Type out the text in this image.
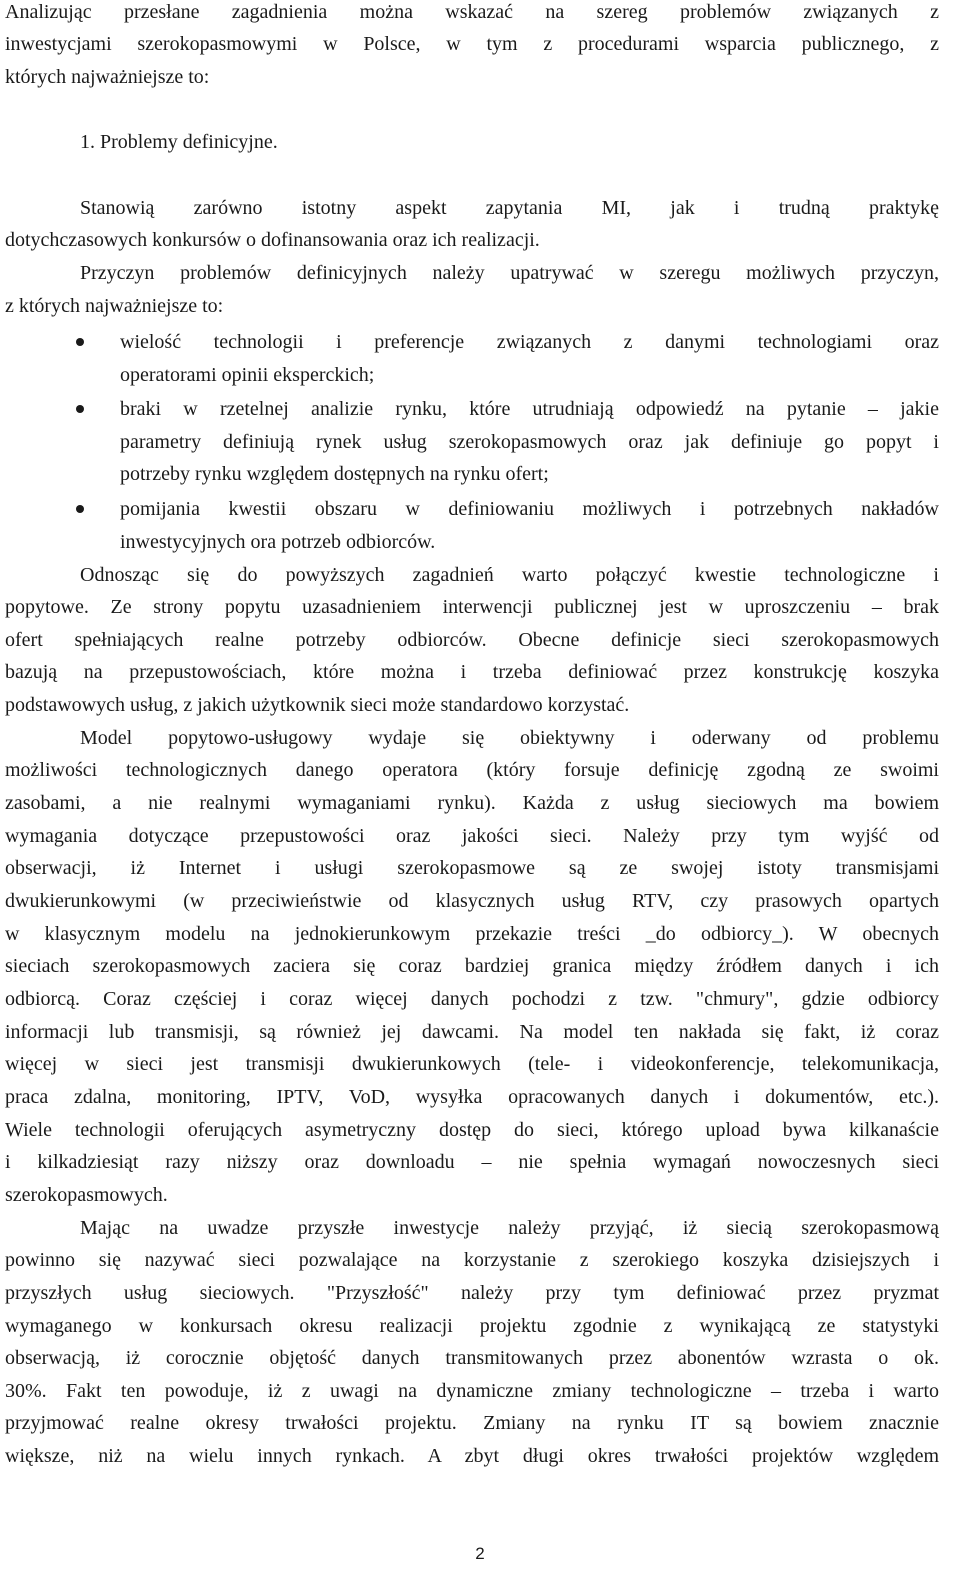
Analizując przesłane zagadnienia można wskazać na szereg problemów związanych z

inwestycjami szerokopasmowymi w Polsce, w tym z procedurami wsparcia publicznego, z

których najważniejsze to:

1. Problemy definicyjne.

Stanowią zarówno istotny aspekt zapytania MI, jak i trudną praktykę

dotychczasowych konkursów o dofinansowania oraz ich realizacji.

Przyczyn problemów definicyjnych należy upatrywać w szeregu możliwych przyczyn,

z których najważniejsze to:

wielość technologii i preferencje związanych z danymi technologiami oraz

operatorami opinii eksperckich;

braki w rzetelnej analizie rynku, które utrudniają odpowiedź na pytanie – jakie

parametry definiują rynek usług szerokopasmowych oraz jak definiuje go popyt i

potrzeby rynku względem dostępnych na rynku ofert;

pomijania kwestii obszaru w definiowaniu możliwych i potrzebnych nakładów

inwestycyjnych ora potrzeb odbiorców.

Odnosząc się do powyższych zagadnień warto połączyć kwestie technologiczne i

popytowe. Ze strony popytu uzasadnieniem interwencji publicznej jest w uproszczeniu – brak

ofert spełniających realne potrzeby odbiorców. Obecne definicje sieci szerokopasmowych

bazują na przepustowościach, które można i trzeba definiować przez konstrukcję koszyka

podstawowych usług, z jakich użytkownik sieci może standardowo korzystać.

Model popytowo-usługowy wydaje się obiektywny i oderwany od problemu

możliwości technologicznych danego operatora (który forsuje definicję zgodną ze swoimi

zasobami, a nie realnymi wymaganiami rynku). Każda z usług sieciowych ma bowiem

wymagania dotyczące przepustowości oraz jakości sieci. Należy przy tym wyjść od

obserwacji, iż Internet i usługi szerokopasmowe są ze swojej istoty transmisjami

dwukierunkowymi (w przeciwieństwie od klasycznych usług RTV, czy prasowych opartych

w klasycznym modelu na jednokierunkowym przekazie treści _do odbiorcy_). W obecnych

sieciach szerokopasmowych zaciera się coraz bardziej granica między źródłem danych i ich

odbiorcą. Coraz częściej i coraz więcej danych pochodzi z tzw. "chmury", gdzie odbiorcy

informacji lub transmisji, są również jej dawcami. Na model ten nakłada się fakt, iż coraz

więcej w sieci jest transmisji dwukierunkowych (tele- i videokonferencje, telekomunikacja,

praca zdalna, monitoring, IPTV, VoD, wysyłka opracowanych danych i dokumentów, etc.).

Wiele technologii oferujących asymetryczny dostęp do sieci, którego upload bywa kilkanaście

i kilkadziesiąt razy niższy oraz downloadu – nie spełnia wymagań nowoczesnych sieci

szerokopasmowych.

Mając na uwadze przyszłe inwestycje należy przyjąć, iż siecią szerokopasmową

powinno się nazywać sieci pozwalające na korzystanie z szerokiego koszyka dzisiejszych i

przyszłych usług sieciowych. "Przyszłość" należy przy tym definiować przez pryzmat

wymaganego w konkursach okresu realizacji projektu zgodnie z wynikającą ze statystyki

obserwacją, iż corocznie objętość danych transmitowanych przez abonentów wzrasta o ok.

30%. Fakt ten powoduje, iż z uwagi na dynamiczne zmiany technologiczne – trzeba i warto

przyjmować realne okresy trwałości projektu. Zmiany na rynku IT są bowiem znacznie

większe, niż na wielu innych rynkach. A zbyt długi okres trwałości projektów względem

2
